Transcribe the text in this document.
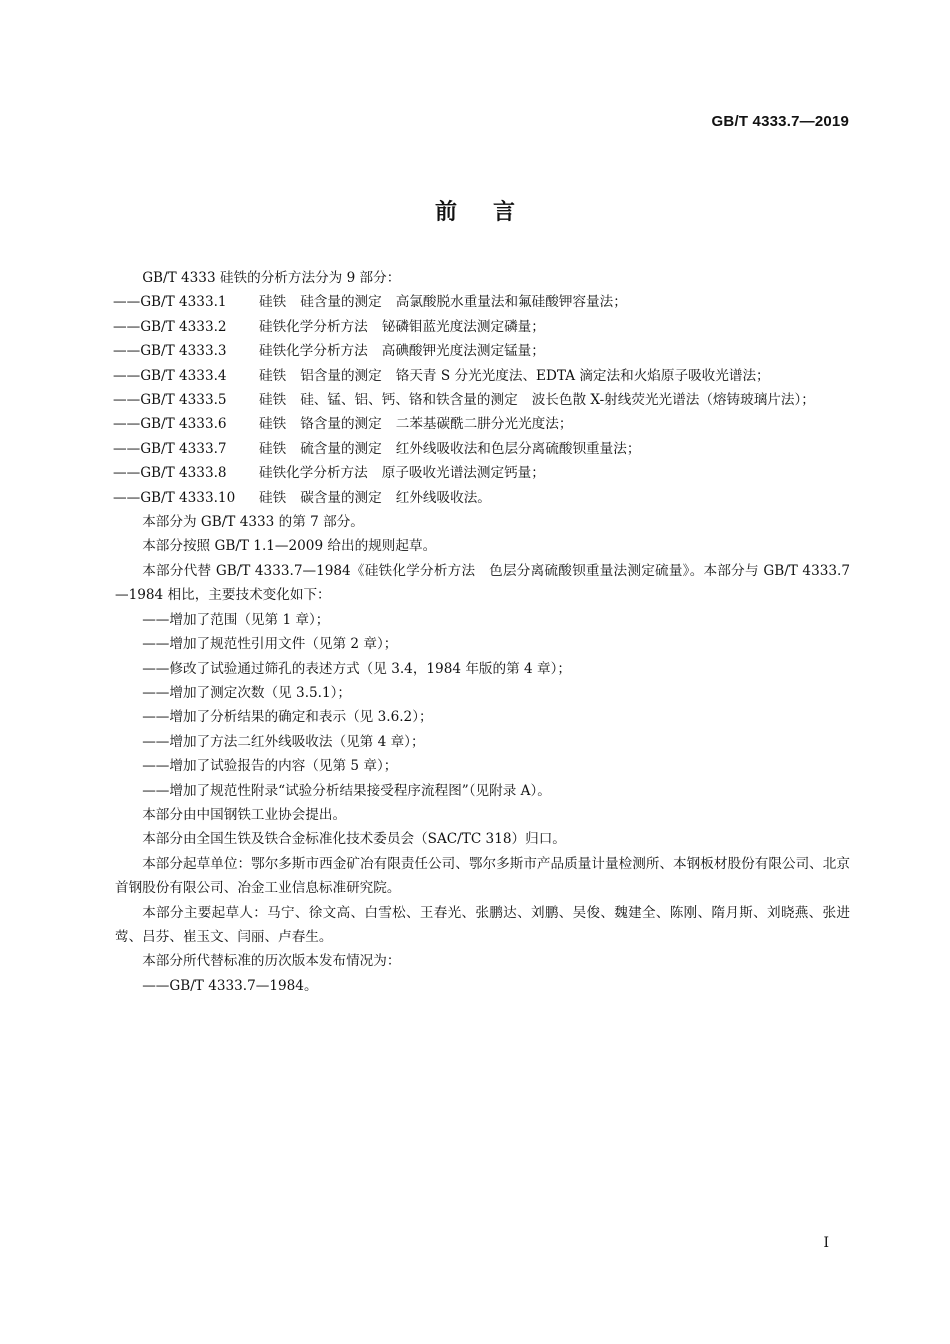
GB/T 4333.7—2019
前言

GB/T 4333 硅铁的分析方法分为 9 部分：

——GB/T 4333.1 硅铁 硅含量的测定 高氯酸脱水重量法和氟硅酸钾容量法；

——GB/T 4333.2 硅铁化学分析方法 铋磷钼蓝光度法测定磷量；

——GB/T 4333.3 硅铁化学分析方法 高碘酸钾光度法测定锰量；

——GB/T 4333.4 硅铁 铝含量的测定 铬天青 S 分光光度法、EDTA 滴定法和火焰原子吸收光谱法；

——GB/T 4333.5 硅铁 硅、锰、铝、钙、铬和铁含量的测定 波长色散 X-射线荧光光谱法（熔铸玻璃片法）；

——GB/T 4333.6 硅铁 铬含量的测定 二苯基碳酰二肼分光光度法；

——GB/T 4333.7 硅铁 硫含量的测定 红外线吸收法和色层分离硫酸钡重量法；

——GB/T 4333.8 硅铁化学分析方法 原子吸收光谱法测定钙量；

——GB/T 4333.10 硅铁 碳含量的测定 红外线吸收法。

本部分为 GB/T 4333 的第 7 部分。

本部分按照 GB/T 1.1—2009 给出的规则起草。

本部分代替 GB/T 4333.7—1984《硅铁化学分析方法　色层分离硫酸钡重量法测定硫量》。本部分与 GB/T 4333.7—1984 相比，主要技术变化如下：

——增加了范围（见第 1 章）；

——增加了规范性引用文件（见第 2 章）；

——修改了试验通过筛孔的表述方式（见 3.4，1984 年版的第 4 章）；

——增加了测定次数（见 3.5.1）；

——增加了分析结果的确定和表示（见 3.6.2）；

——增加了方法二红外线吸收法（见第 4 章）；

——增加了试验报告的内容（见第 5 章）；

——增加了规范性附录“试验分析结果接受程序流程图”（见附录 A）。

本部分由中国钢铁工业协会提出。

本部分由全国生铁及铁合金标准化技术委员会（SAC/TC 318）归口。

本部分起草单位：鄂尔多斯市西金矿冶有限责任公司、鄂尔多斯市产品质量计量检测所、本钢板材股份有限公司、北京首钢股份有限公司、冶金工业信息标准研究院。

本部分主要起草人：马宁、徐文高、白雪松、王春光、张鹏达、刘鹏、吴俊、魏建全、陈刚、隋月斯、刘晓燕、张进莺、吕芬、崔玉文、闫丽、卢春生。

本部分所代替标准的历次版本发布情况为：

——GB/T 4333.7—1984。

I
